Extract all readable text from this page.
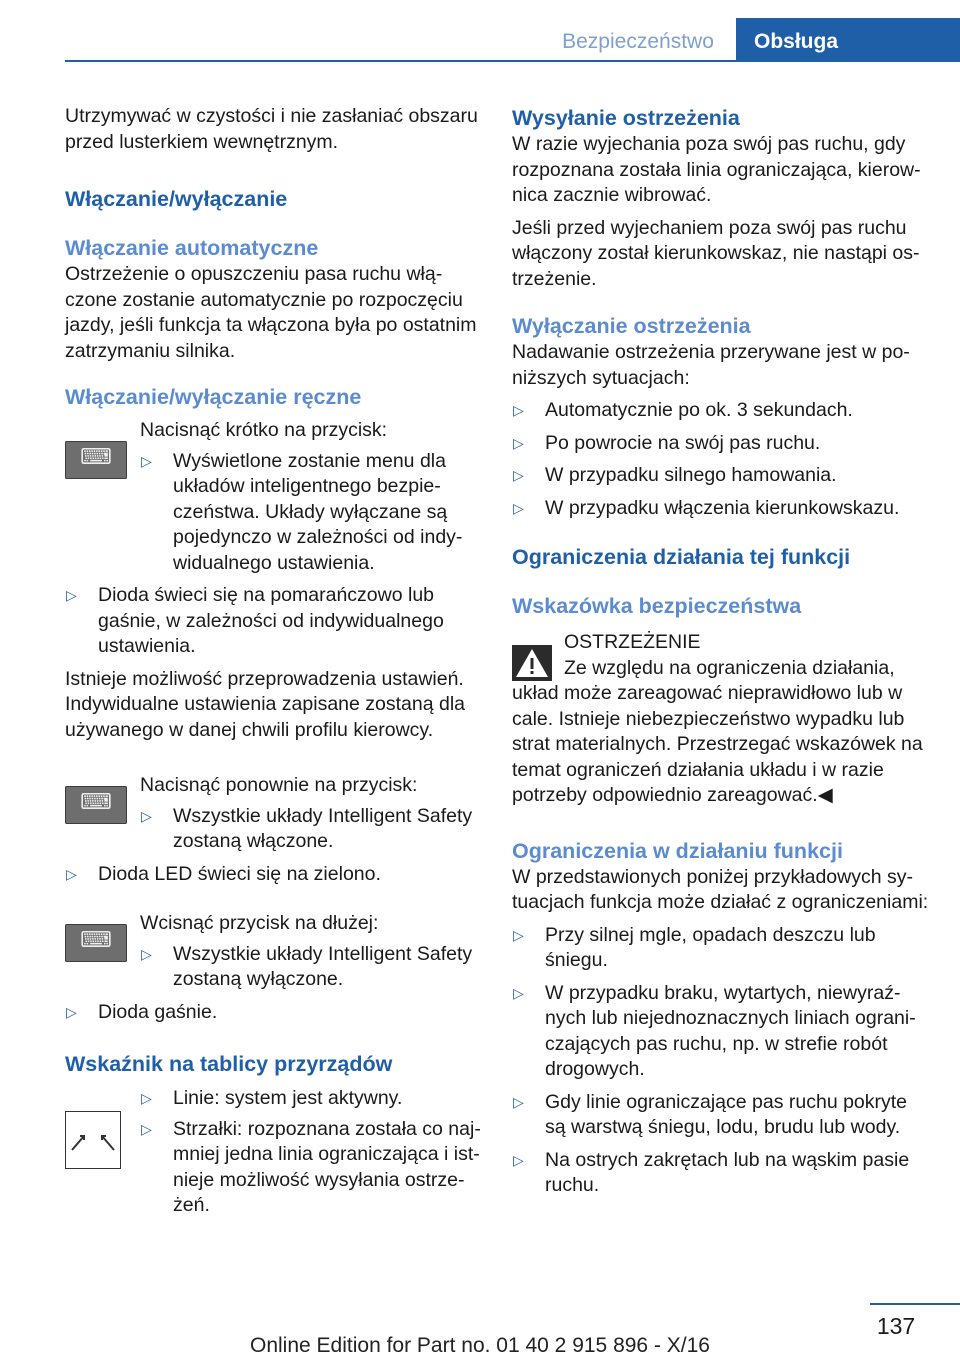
Bezpieczeństwo	Obsługa

Utrzymywać w czystości i nie zasłaniać obszaru przed lusterkiem wewnętrznym.

Włączanie/wyłączanie
Włączanie automatyczne

Ostrzeżenie o opuszczeniu pasa ruchu włączone zostanie automatycznie po rozpoczęciu jazdy, jeśli funkcja ta włączona była po ostatnim zatrzymaniu silnika.

Włączanie/wyłączanie ręczne

Nacisnąć krótko na przycisk:

▷ Wyświetlone zostanie menu dla układów inteligentnego bezpieczeństwa. Układy wyłączane są pojedynczo w zależności od indywidualnego ustawienia.
▷ Dioda świeci się na pomarańczowo lub gaśnie, w zależności od indywidualnego ustawienia.

Istnieje możliwość przeprowadzenia ustawień. Indywidualne ustawienia zapisane zostaną dla używanego w danej chwili profilu kierowcy.

Nacisnąć ponownie na przycisk:

▷ Wszystkie układy Intelligent Safety zostaną włączone.
▷ Dioda LED świeci się na zielono.

Wcisnąć przycisk na dłużej:

▷ Wszystkie układy Intelligent Safety zostaną wyłączone.
▷ Dioda gaśnie.
Wskaźnik na tablicy przyrządów
▷ Linie: system jest aktywny.
▷ Strzałki: rozpoznana została co najmniej jedna linia ograniczająca i istnieje możliwość wysyłania ostrzeżeń.
⌨
⌨
⌨
Wysyłanie ostrzeżenia

W razie wyjechania poza swój pas ruchu, gdy rozpoznana została linia ograniczająca, kierownica zacznie wibrować.

Jeśli przed wyjechaniem poza swój pas ruchu włączony został kierunkowskaz, nie nastąpi ostrzeżenie.

Wyłączanie ostrzeżenia

Nadawanie ostrzeżenia przerywane jest w poniższych sytuacjach:

▷ Automatycznie po ok. 3 sekundach.
▷ Po powrocie na swój pas ruchu.
▷ W przypadku silnego hamowania.
▷ W przypadku włączenia kierunkowskazu.
Ograniczenia działania tej funkcji
Wskazówka bezpieczeństwa

OSTRZEŻENIE

Ze względu na ograniczenia działania, układ może zareagować nieprawidłowo lub w cale. Istnieje niebezpieczeństwo wypadku lub strat materialnych. Przestrzegać wskazówek na temat ograniczeń działania układu i w razie potrzeby odpowiednio zareagować.◀

Ograniczenia w działaniu funkcji

W przedstawionych poniżej przykładowych sytuacjach funkcja może działać z ograniczeniami:

▷ Przy silnej mgle, opadach deszczu lub śniegu.
▷ W przypadku braku, wytartych, niewyraźnych lub niejednoznacznych liniach ograniczających pas ruchu, np. w strefie robót drogowych.
▷ Gdy linie ograniczające pas ruchu pokryte są warstwą śniegu, lodu, brudu lub wody.
▷ Na ostrych zakrętach lub na wąskim pasie ruchu.
137
Online Edition for Part no. 01 40 2 915 896 - X/16
